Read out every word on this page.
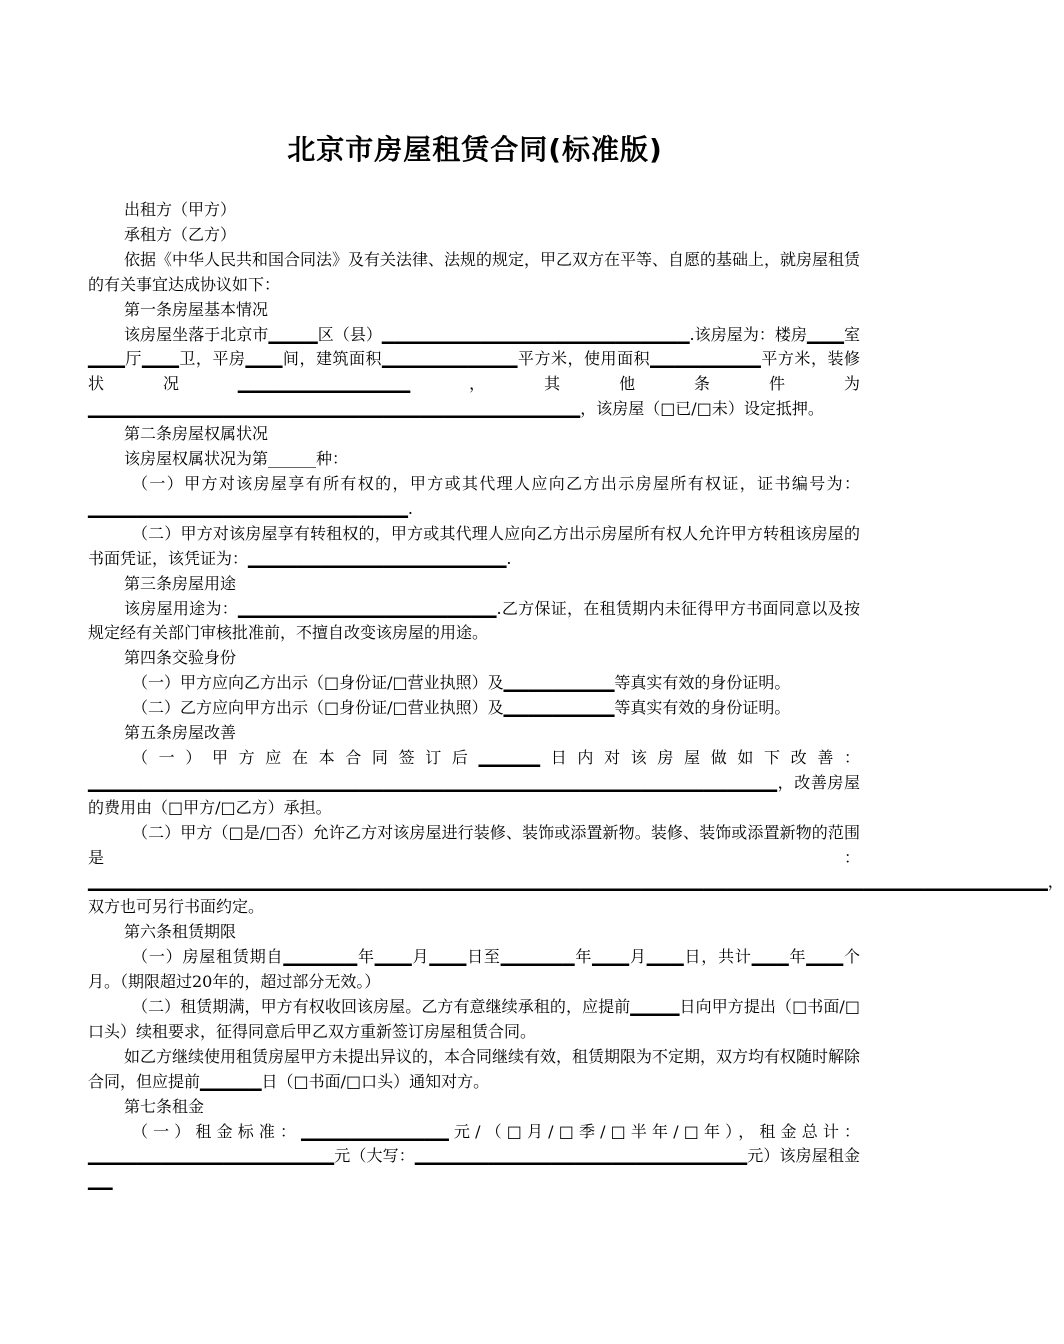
北京市房屋租赁合同(标准版)

出租方（甲方）

承租方（乙方）

依据《中华人民共和国合同法》及有关法律、法规的规定，甲乙双方在平等、自愿的基础上，就房屋租赁的有关事宜达成协议如下：

第一条房屋基本情况

该房屋坐落于北京市▁▁▁▁区（县）▁▁▁▁▁▁▁▁▁▁▁▁▁▁▁▁▁▁▁▁▁▁▁▁▁.该房屋为：楼房▁▁▁室▁▁▁厅▁▁▁卫，平房▁▁▁间，建筑面积▁▁▁▁▁▁▁▁▁▁▁平方米，使用面积▁▁▁▁▁▁▁▁▁平方米，装修状况▁▁▁▁▁▁▁▁▁▁▁▁▁▁，其他条件为▁▁▁▁▁▁▁▁▁▁▁▁▁▁▁▁▁▁▁▁▁▁▁▁▁▁▁▁▁▁▁▁▁▁▁▁▁▁▁▁，该房屋（□已/□未）设定抵押。

第二条房屋权属状况

该房屋权属状况为第______种：

（一）甲方对该房屋享有所有权的，甲方或其代理人应向乙方出示房屋所有权证，证书编号为：▁▁▁▁▁▁▁▁▁▁▁▁▁▁▁▁▁▁▁▁▁▁▁▁▁▁.

（二）甲方对该房屋享有转租权的，甲方或其代理人应向乙方出示房屋所有权人允许甲方转租该房屋的书面凭证，该凭证为：▁▁▁▁▁▁▁▁▁▁▁▁▁▁▁▁▁▁▁▁▁.

第三条房屋用途

该房屋用途为：▁▁▁▁▁▁▁▁▁▁▁▁▁▁▁▁▁▁▁▁▁.乙方保证，在租赁期内未征得甲方书面同意以及按规定经有关部门审核批准前，不擅自改变该房屋的用途。

第四条交验身份

（一）甲方应向乙方出示（□身份证/□营业执照）及▁▁▁▁▁▁▁▁▁等真实有效的身份证明。

（二）乙方应向甲方出示（□身份证/□营业执照）及▁▁▁▁▁▁▁▁▁等真实有效的身份证明。

第五条房屋改善

（一）甲方应在本合同签订后▁▁▁▁▁日内对该房屋做如下改善：▁▁▁▁▁▁▁▁▁▁▁▁▁▁▁▁▁▁▁▁▁▁▁▁▁▁▁▁▁▁▁▁▁▁▁▁▁▁▁▁▁▁▁▁▁▁▁▁▁▁▁▁▁▁▁▁，改善房屋的费用由（□甲方/□乙方）承担。

（二）甲方（□是/□否）允许乙方对该房屋进行装修、装饰或添置新物。装修、装饰或添置新物的范围是：▁▁▁▁▁▁▁▁▁▁▁▁▁▁▁▁▁▁▁▁▁▁▁▁▁▁▁▁▁▁▁▁▁▁▁▁▁▁▁▁▁▁▁▁▁▁▁▁▁▁▁▁▁▁▁▁▁▁▁▁▁▁▁▁▁▁▁▁▁▁▁▁▁▁▁▁▁▁，双方也可另行书面约定。

第六条租赁期限

（一）房屋租赁期自▁▁▁▁▁▁年▁▁▁月▁▁▁日至▁▁▁▁▁▁年▁▁▁月▁▁▁日，共计▁▁▁年▁▁▁个月。（期限超过20年的，超过部分无效。）

（二）租赁期满，甲方有权收回该房屋。乙方有意继续承租的，应提前▁▁▁▁日向甲方提出（□书面/□口头）续租要求，征得同意后甲乙双方重新签订房屋租赁合同。

如乙方继续使用租赁房屋甲方未提出异议的，本合同继续有效，租赁期限为不定期，双方均有权随时解除合同，但应提前▁▁▁▁▁日（□书面/□口头）通知对方。

第七条租金

（一）租金标准：▁▁▁▁▁▁▁▁▁▁▁▁元/（□月/□季/□半年/□年），租金总计：▁▁▁▁▁▁▁▁▁▁▁▁▁▁▁▁▁▁▁▁元（大写：▁▁▁▁▁▁▁▁▁▁▁▁▁▁▁▁▁▁▁▁▁▁▁▁▁▁▁元）该房屋租金▁▁
